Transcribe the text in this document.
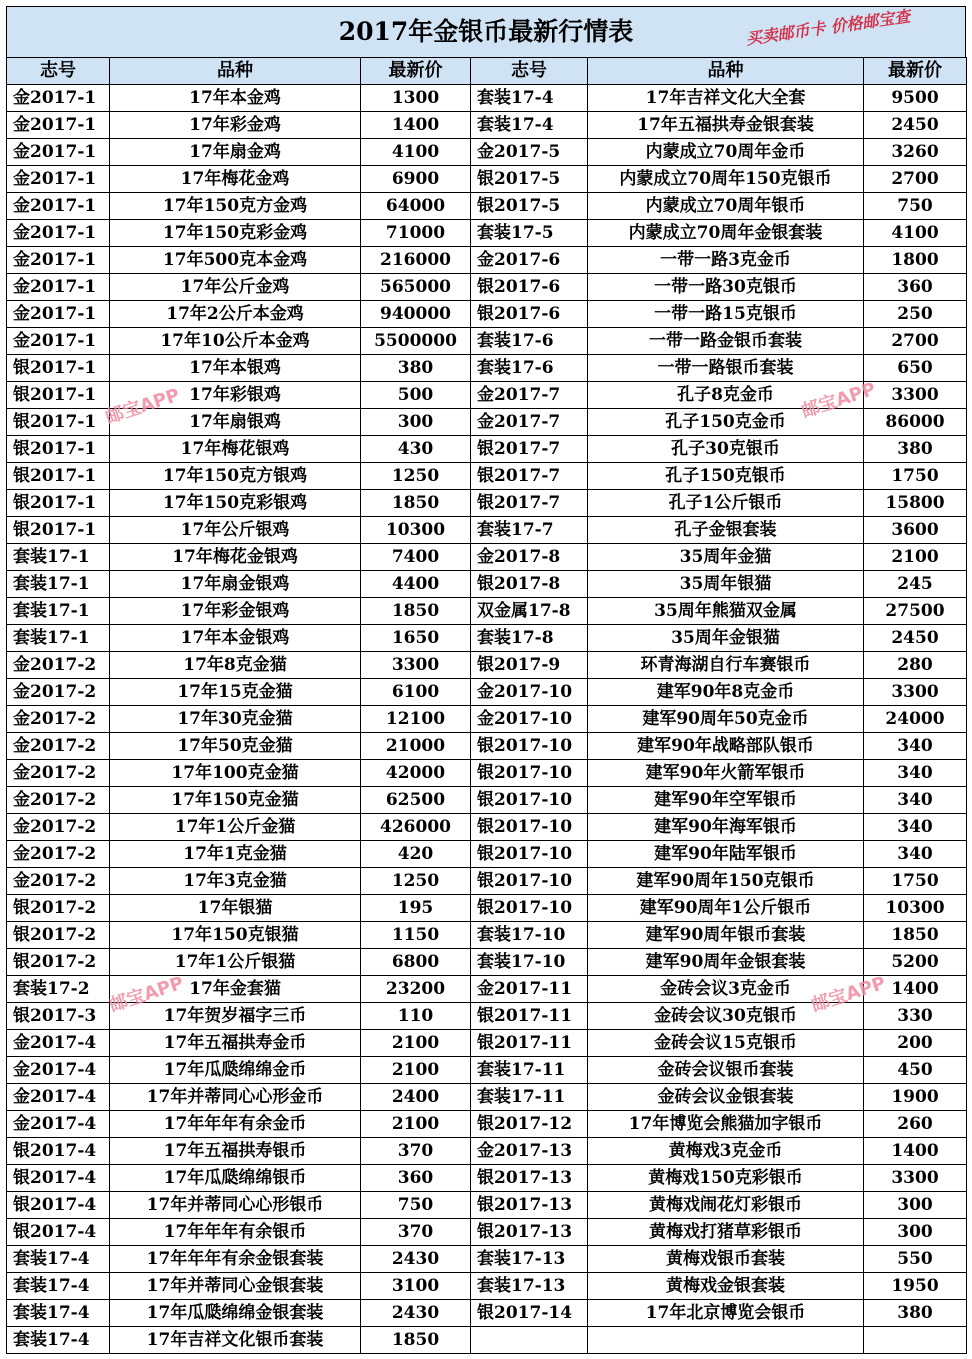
2017年金银币最新行情表	买卖邮币卡 价格邮宝查
志号	品种	最新价	志号	品种	最新价
金2017-1	17年本金鸡	1300	套装17-4	17年吉祥文化大全套	9500
金2017-1	17年彩金鸡	1400	套装17-4	17年五福拱寿金银套装	2450
金2017-1	17年扇金鸡	4100	金2017-5	内蒙成立70周年金币	3260
金2017-1	17年梅花金鸡	6900	银2017-5	内蒙成立70周年150克银币	2700
金2017-1	17年150克方金鸡	64000	银2017-5	内蒙成立70周年银币	750
金2017-1	17年150克彩金鸡	71000	套装17-5	内蒙成立70周年金银套装	4100
金2017-1	17年500克本金鸡	216000	金2017-6	一带一路3克金币	1800
金2017-1	17年公斤金鸡	565000	银2017-6	一带一路30克银币	360
金2017-1	17年2公斤本金鸡	940000	银2017-6	一带一路15克银币	250
金2017-1	17年10公斤本金鸡	5500000	套装17-6	一带一路金银币套装	2700
银2017-1	17年本银鸡	380	套装17-6	一带一路银币套装	650
银2017-1	17年彩银鸡	500	金2017-7	孔子8克金币	3300
银2017-1	17年扇银鸡	300	金2017-7	孔子150克金币	86000
银2017-1	17年梅花银鸡	430	银2017-7	孔子30克银币	380
银2017-1	17年150克方银鸡	1250	银2017-7	孔子150克银币	1750
银2017-1	17年150克彩银鸡	1850	银2017-7	孔子1公斤银币	15800
银2017-1	17年公斤银鸡	10300	套装17-7	孔子金银套装	3600
套装17-1	17年梅花金银鸡	7400	金2017-8	35周年金猫	2100
套装17-1	17年扇金银鸡	4400	银2017-8	35周年银猫	245
套装17-1	17年彩金银鸡	1850	双金属17-8	35周年熊猫双金属	27500
套装17-1	17年本金银鸡	1650	套装17-8	35周年金银猫	2450
金2017-2	17年8克金猫	3300	银2017-9	环青海湖自行车赛银币	280
金2017-2	17年15克金猫	6100	金2017-10	建军90年8克金币	3300
金2017-2	17年30克金猫	12100	金2017-10	建军90周年50克金币	24000
金2017-2	17年50克金猫	21000	银2017-10	建军90年战略部队银币	340
金2017-2	17年100克金猫	42000	银2017-10	建军90年火箭军银币	340
金2017-2	17年150克金猫	62500	银2017-10	建军90年空军银币	340
金2017-2	17年1公斤金猫	426000	银2017-10	建军90年海军银币	340
金2017-2	17年1克金猫	420	银2017-10	建军90年陆军银币	340
金2017-2	17年3克金猫	1250	银2017-10	建军90周年150克银币	1750
银2017-2	17年银猫	195	银2017-10	建军90周年1公斤银币	10300
银2017-2	17年150克银猫	1150	套装17-10	建军90周年银币套装	1850
银2017-2	17年1公斤银猫	6800	套装17-10	建军90周年金银套装	5200
套装17-2	17年金套猫	23200	金2017-11	金砖会议3克金币	1400
银2017-3	17年贺岁福字三币	110	银2017-11	金砖会议30克银币	330
金2017-4	17年五福拱寿金币	2100	银2017-11	金砖会议15克银币	200
金2017-4	17年瓜瓞绵绵金币	2100	套装17-11	金砖会议银币套装	450
金2017-4	17年并蒂同心心形金币	2400	套装17-11	金砖会议金银套装	1900
金2017-4	17年年年有余金币	2100	银2017-12	17年博览会熊猫加字银币	260
银2017-4	17年五福拱寿银币	370	金2017-13	黄梅戏3克金币	1400
银2017-4	17年瓜瓞绵绵银币	360	银2017-13	黄梅戏150克彩银币	3300
银2017-4	17年并蒂同心心形银币	750	银2017-13	黄梅戏闹花灯彩银币	300
银2017-4	17年年年有余银币	370	银2017-13	黄梅戏打猪草彩银币	300
套装17-4	17年年年有余金银套装	2430	套装17-13	黄梅戏银币套装	550
套装17-4	17年并蒂同心金银套装	3100	套装17-13	黄梅戏金银套装	1950
套装17-4	17年瓜瓞绵绵金银套装	2430	银2017-14	17年北京博览会银币	380
套装17-4	17年吉祥文化银币套装	1850			
邮宝APP	邮宝APP
邮宝APP	邮宝APP
